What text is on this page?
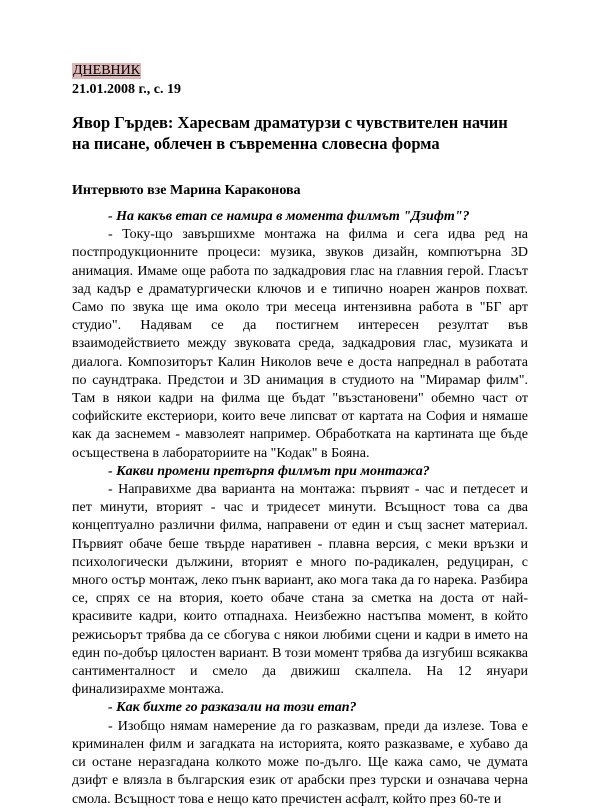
ДНЕВНИК
21.01.2008 г., с. 19
Явор Гърдев: Харесвам драматурзи с чувствителен начин на писане, облечен в съвременна словесна форма
Интервюто взе Марина Караконова

- На какъв етап се намира в момента филмът "Дзифт"?

- Току-що завършихме монтажа на филма и сега идва ред на постпродукционните процеси: музика, звуков дизайн, компютърна 3D анимация. Имаме още работа по задкадровия глас на главния герой. Гласът зад кадър е драматургически ключов и е типично ноарен жанров похват. Само по звука ще има около три месеца интензивна работа в "БГ арт студио". Надявам се да постигнем интересен резултат във взаимодействието между звуковата среда, задкадровия глас, музиката и диалога. Композиторът Калин Николов вече е доста напреднал в работата по саундтрака. Предстои и 3D анимация в студиото на "Мирамар филм". Там в някои кадри на филма ще бъдат "възстановени" обемно част от софийските екстериори, които вече липсват от картата на София и нямаше как да заснемем - мавзолеят например. Обработката на картината ще бъде осъществена в лабораториите на "Кодак" в Бояна.

- Какви промени претърпя филмът при монтажа?

- Направихме два варианта на монтажа: първият - час и петдесет и пет минути, вторият - час и тридесет минути. Всъщност това са два концептуално различни филма, направени от един и същ заснет материал. Първият обаче беше твърде наративен - плавна версия, с меки връзки и психологически дължини, вторият е много по-радикален, редуциран, с много остър монтаж, леко пънк вариант, ако мога така да го нарека. Разбира се, спрях се на втория, което обаче стана за сметка на доста от най-красивите кадри, които отпаднаха. Неизбежно настъпва момент, в който режисьорът трябва да се сбогува с някои любими сцени и кадри в името на един по-добър цялостен вариант. В този момент трябва да изгубиш всякаква сантименталност и смело да движиш скалпела. На 12 януари финализирахме монтажа.

- Как бихте го разказали на този етап?

- Изобщо нямам намерение да го разказвам, преди да излезе. Това е криминален филм и загадката на историята, която разказваме, е хубаво да си остане неразгадана колкото може по-дълго. Ще кажа само, че думата дзифт е влязла в българския език от арабски през турски и означава черна смола. Всъщност това е нещо като пречистен асфалт, който през 60-те и
